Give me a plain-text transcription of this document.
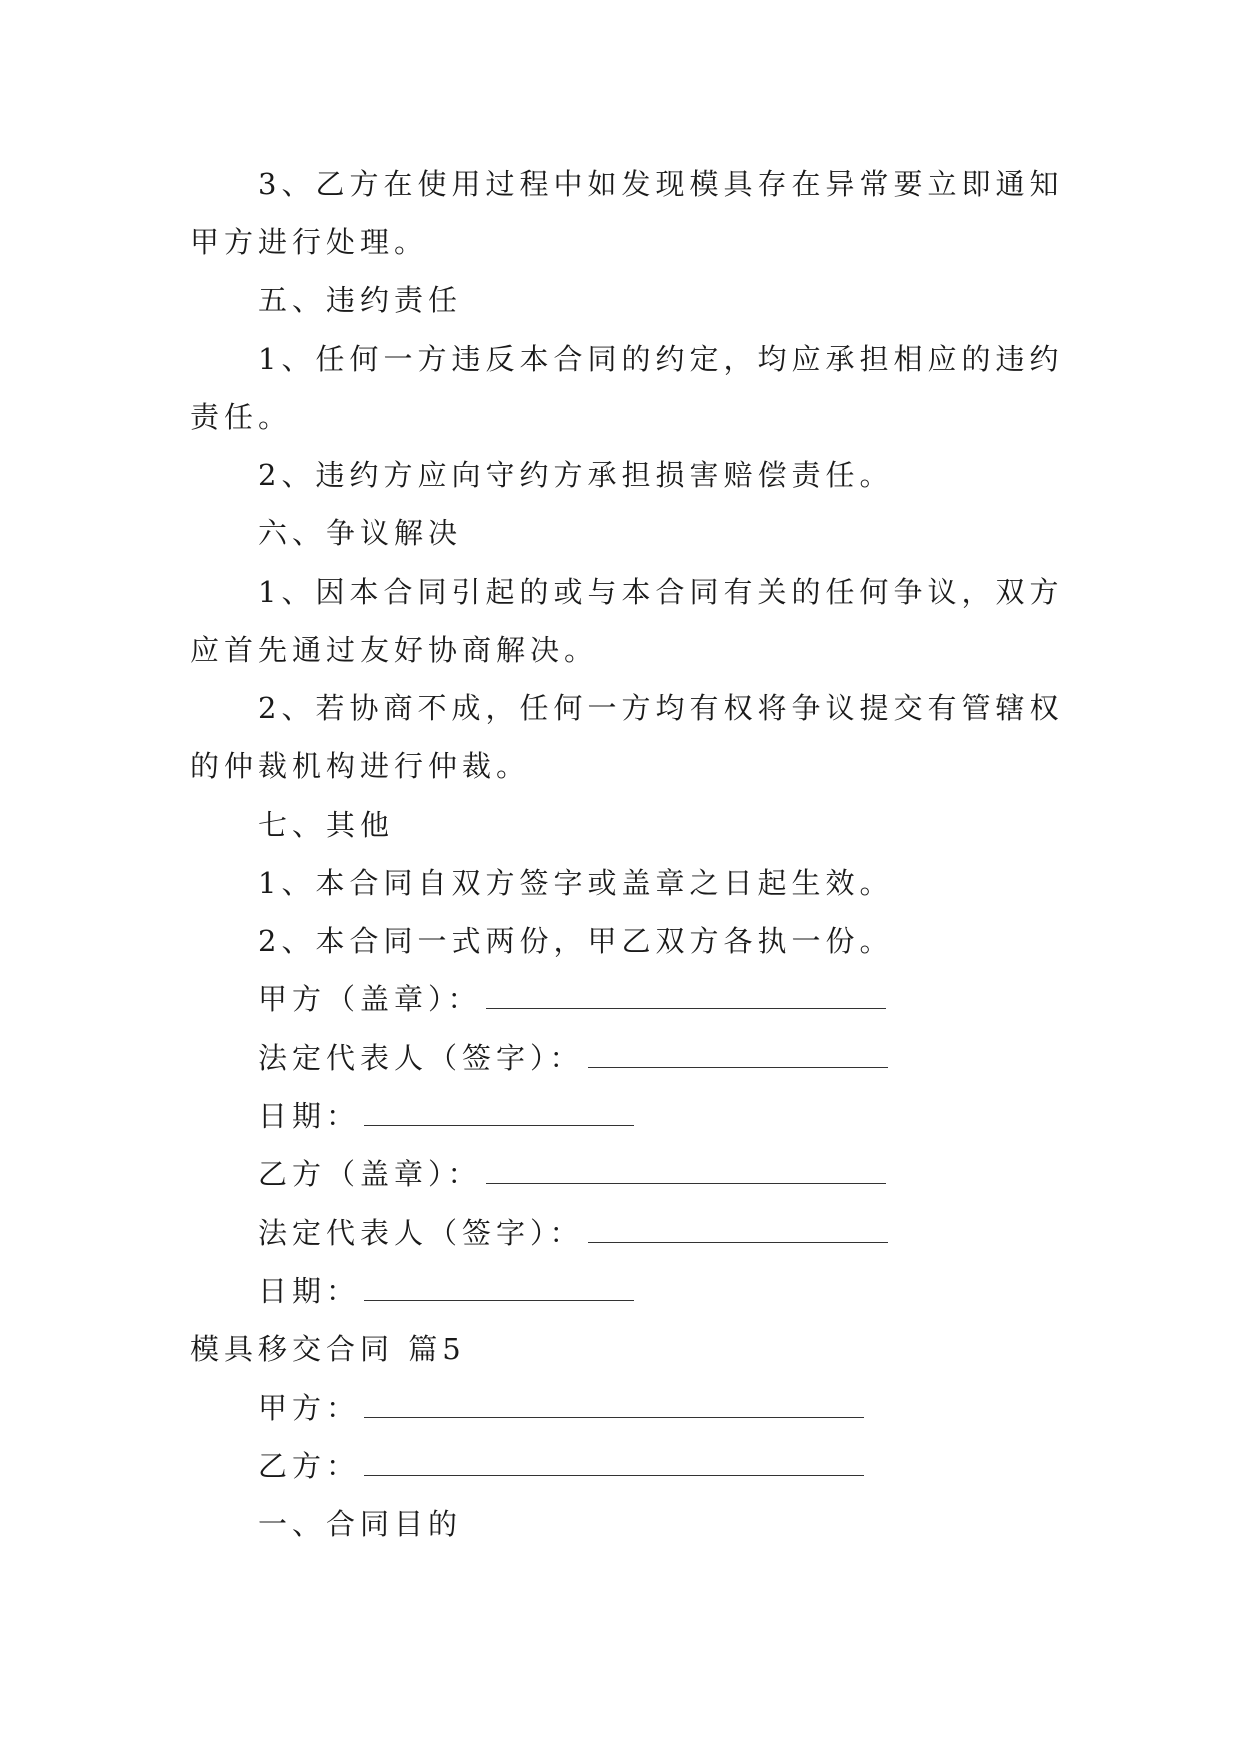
3、乙方在使用过程中如发现模具存在异常要立即通知
甲方进行处理。
五、违约责任
1、任何一方违反本合同的约定，均应承担相应的违约
责任。
2、违约方应向守约方承担损害赔偿责任。
六、争议解决
1、因本合同引起的或与本合同有关的任何争议，双方
应首先通过友好协商解决。
2、若协商不成，任何一方均有权将争议提交有管辖权
的仲裁机构进行仲裁。
七、其他
1、本合同自双方签字或盖章之日起生效。
2、本合同一式两份，甲乙双方各执一份。
甲方（盖章）：
法定代表人（签字）：
日期：
乙方（盖章）：
法定代表人（签字）：
日期：
模具移交合同 篇5
甲方：
乙方：
一、合同目的
